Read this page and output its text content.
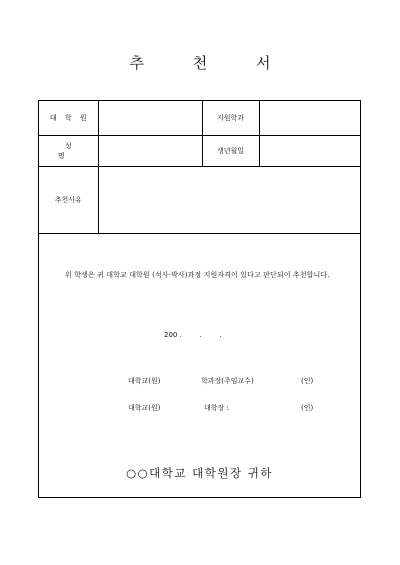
추 천 서
대 학 원		지원학과	
성 명		생년월일	
추천사유			
위 학생은 귀 대학교 대학원 (석사·박사)과정 지원자격이 있다고 판단되어 추천합니다.
200 .        .        .
대학교(원)	학과장(주임교수)	(인)
대학교(원)	대학장 :	(인)
○○대학교 대학원장 귀하
